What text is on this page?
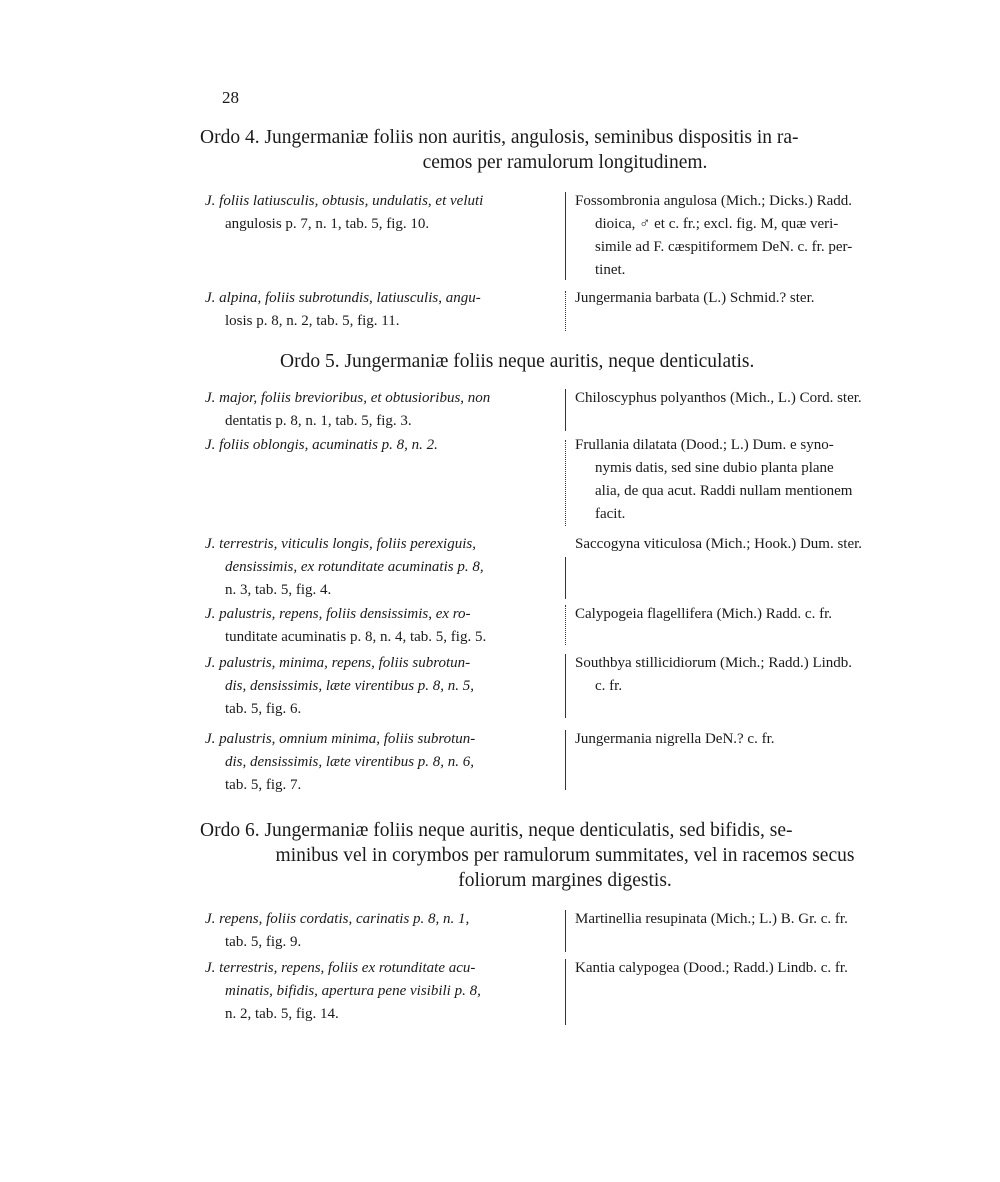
28
Ordo 4. Jungermaniæ foliis non auritis, angulosis, seminibus dispositis in ra-
cemos per ramulorum longitudinem.
J. foliis latiusculis, obtusis, undulatis, et veluti
angulosis p. 7, n. 1, tab. 5, fig. 10.
Fossombronia angulosa (Mich.; Dicks.) Radd.
dioica, ♂ et c. fr.; excl. fig. M, quæ veri-
simile ad F. cæspitiformem DeN. c. fr. per-
tinet.
J. alpina, foliis subrotundis, latiusculis, angu-
losis p. 8, n. 2, tab. 5, fig. 11.
Jungermania barbata (L.) Schmid.? ster.
Ordo 5. Jungermaniæ foliis neque auritis, neque denticulatis.
J. major, foliis brevioribus, et obtusioribus, non
dentatis p. 8, n. 1, tab. 5, fig. 3.
Chiloscyphus polyanthos (Mich., L.) Cord. ster.
J. foliis oblongis, acuminatis p. 8, n. 2.	Frullania dilatata (Dood.; L.) Dum. e syno-
nymis datis, sed sine dubio planta plane
alia, de qua acut. Raddi nullam mentionem
facit.
J. terrestris, viticulis longis, foliis perexiguis,
densissimis, ex rotunditate acuminatis p. 8,
n. 3, tab. 5, fig. 4.
Saccogyna viticulosa (Mich.; Hook.) Dum. ster.
J. palustris, repens, foliis densissimis, ex ro-
tunditate acuminatis p. 8, n. 4, tab. 5, fig. 5.
Calypogeia flagellifera (Mich.) Radd. c. fr.
J. palustris, minima, repens, foliis subrotun-
dis, densissimis, læte virentibus p. 8, n. 5,
tab. 5, fig. 6.
Southbya stillicidiorum (Mich.; Radd.) Lindb.
c. fr.
J. palustris, omnium minima, foliis subrotun-
dis, densissimis, læte virentibus p. 8, n. 6,
tab. 5, fig. 7.
Jungermania nigrella DeN.? c. fr.
Ordo 6. Jungermaniæ foliis neque auritis, neque denticulatis, sed bifidis, se-
minibus vel in corymbos per ramulorum summitates, vel in racemos secus
foliorum margines digestis.
J. repens, foliis cordatis, carinatis p. 8, n. 1,
tab. 5, fig. 9.
Martinellia resupinata (Mich.; L.) B. Gr. c. fr.
J. terrestris, repens, foliis ex rotunditate acu-
minatis, bifidis, apertura pene visibili p. 8,
n. 2, tab. 5, fig. 14.
Kantia calypogea (Dood.; Radd.) Lindb. c. fr.
